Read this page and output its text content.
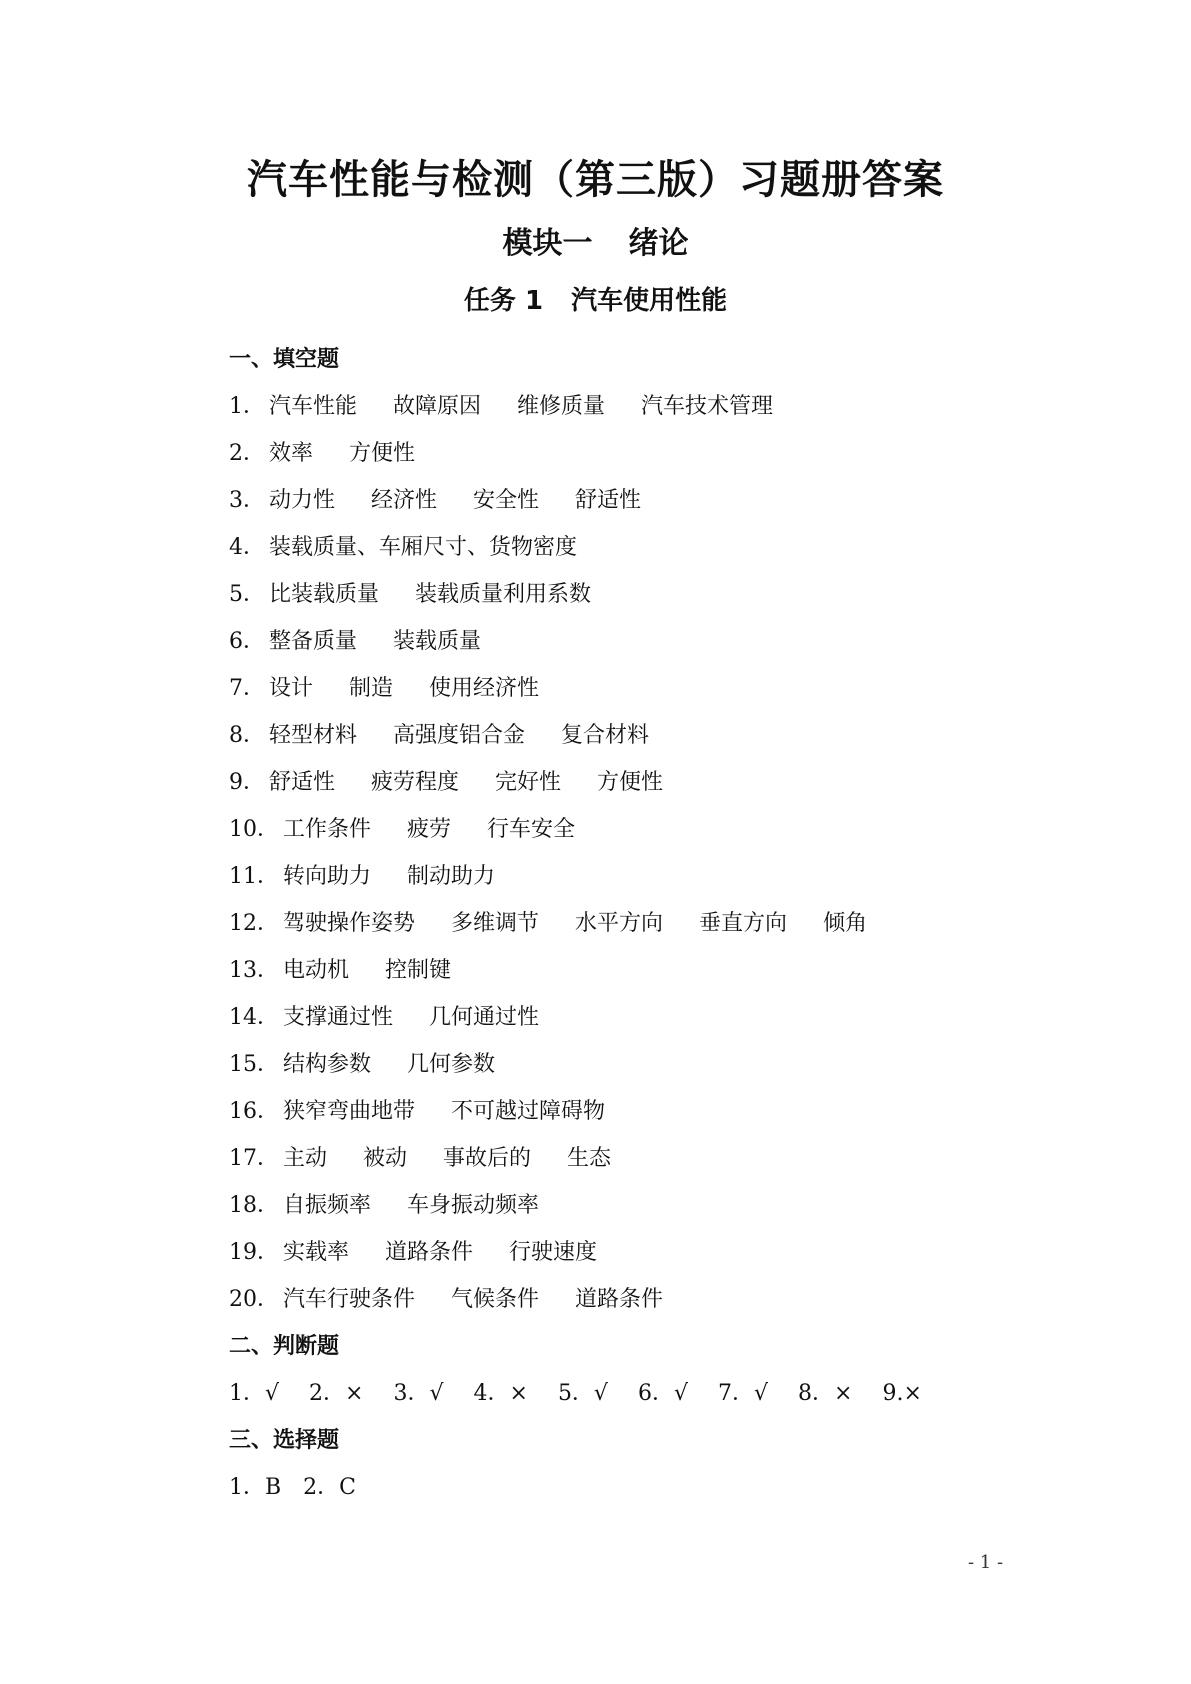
汽车性能与检测（第三版）习题册答案
模块一 绪论
任务 1 汽车使用性能

一、填空题

1． 汽车性能 故障原因 维修质量 汽车技术管理

2． 效率 方便性

3． 动力性 经济性 安全性 舒适性

4． 装载质量、车厢尺寸、货物密度

5． 比装载质量 装载质量利用系数

6． 整备质量 装载质量

7． 设计 制造 使用经济性

8． 轻型材料 高强度铝合金 复合材料

9． 舒适性 疲劳程度 完好性 方便性

10． 工作条件 疲劳 行车安全

11． 转向助力 制动助力

12． 驾驶操作姿势 多维调节 水平方向 垂直方向 倾角

13． 电动机 控制键

14． 支撑通过性 几何通过性

15． 结构参数 几何参数

16． 狭窄弯曲地带 不可越过障碍物

17． 主动 被动 事故后的 生态

18． 自振频率 车身振动频率

19． 实载率 道路条件 行驶速度

20． 汽车行驶条件 气候条件 道路条件

二、判断题

1．√ 2．× 3．√ 4．× 5．√ 6．√ 7．√ 8．× 9.×

三、选择题

1．B 2．C

- 1 -
